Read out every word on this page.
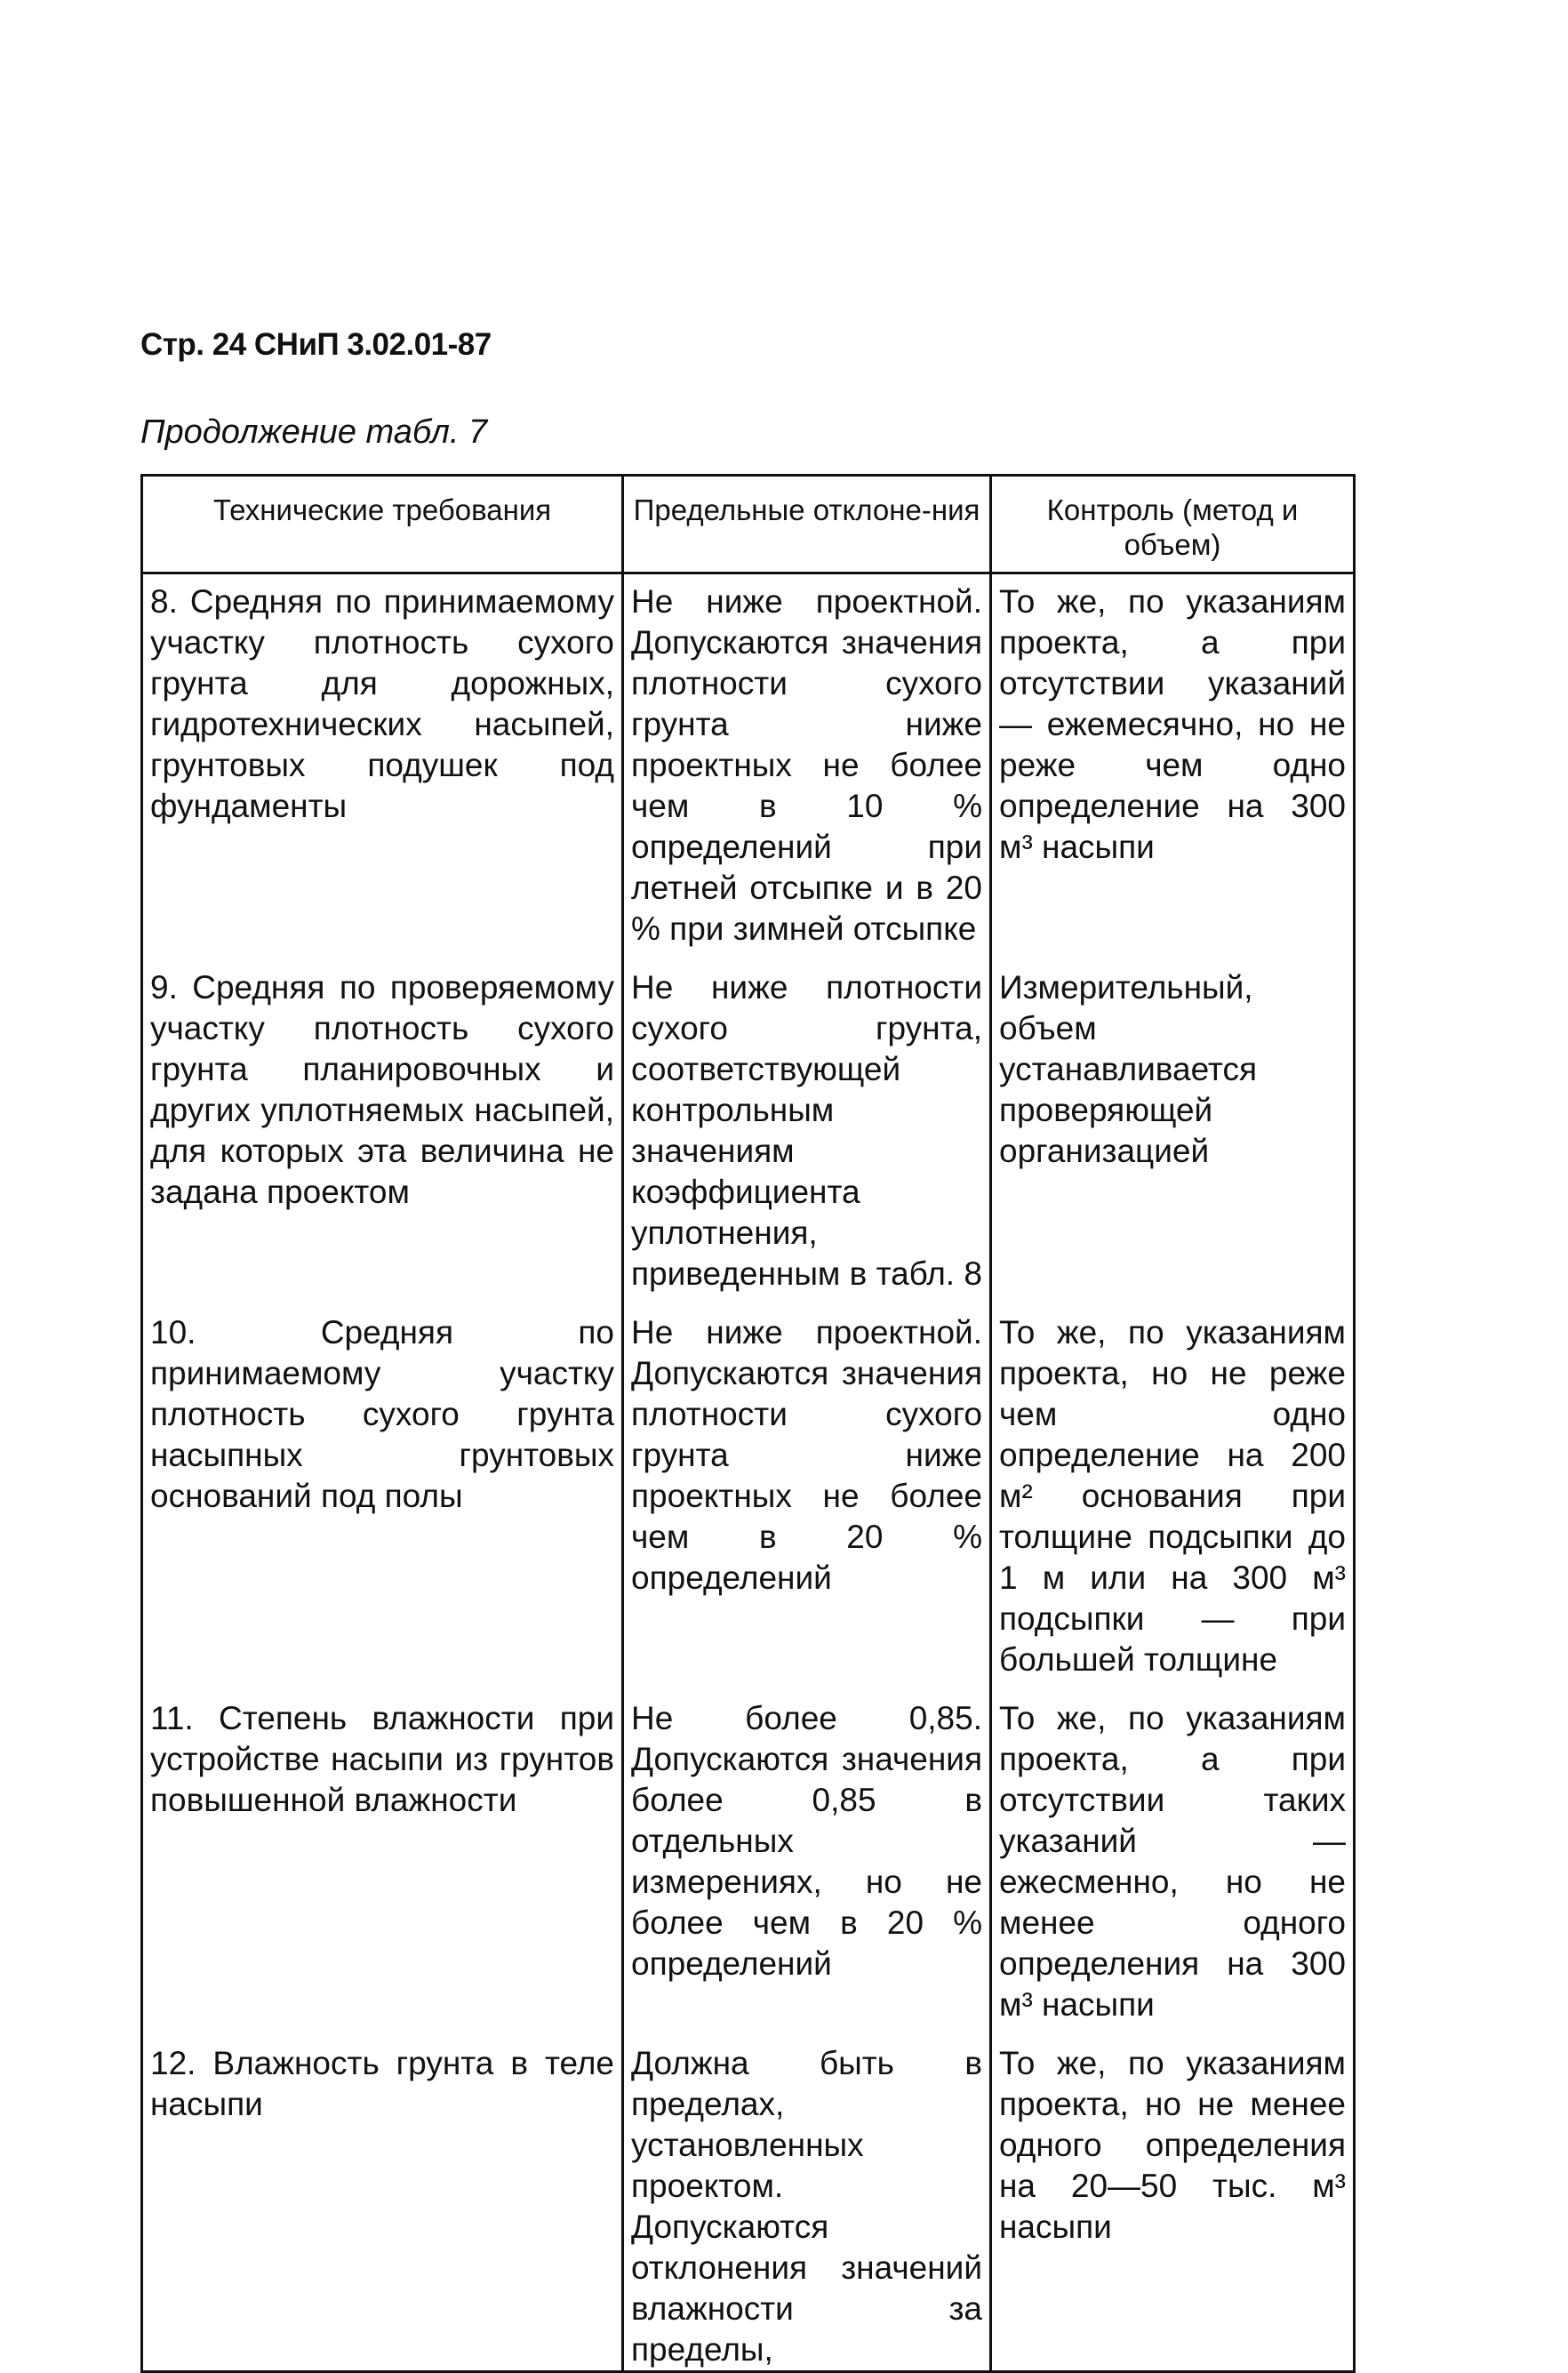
Стр. 24 СНиП 3.02.01-87
Продолжение табл. 7
Технические требования	Предельные отклоне-ния	Контроль (метод и объем)
8. Средняя по принимаемому участку плотность сухого грунта для дорожных, гидротехнических насыпей, грунтовых подушек под фундаменты	Не ниже проектной. Допускаются значения плотности сухого грунта ниже проектных не более чем в 10 % определений при летней отсыпке и в 20 % при зимней отсыпке	То же, по указаниям проекта, а при отсутствии указаний — ежемесячно, но не реже чем одно определение на 300 м³ насыпи
9. Средняя по проверяемому участку плотность сухого грунта планировочных и других уплотняемых насыпей, для которых эта величина не задана проектом	Не ниже плотности сухого грунта, соответствующей контрольным значениям коэффициента уплотнения, приведенным в табл. 8	Измерительный, объем устанавливается проверяющей организацией
10. Средняя по принимаемому участку плотность сухого грунта насыпных грунтовых оснований под полы	Не ниже проектной. Допускаются значения плотности сухого грунта ниже проектных не более чем в 20 % определений	То же, по указаниям проекта, но не реже чем одно определение на 200 м² основания при толщине подсыпки до 1 м или на 300 м³ подсыпки — при большей толщине
11. Степень влажности при устройстве насыпи из грунтов повышенной влажности	Не более 0,85. Допускаются значения более 0,85 в отдельных измерениях, но не более чем в 20 % определений	То же, по указаниям проекта, а при отсутствии таких указаний — ежесменно, но не менее одного определения на 300 м³ насыпи
12. Влажность грунта в теле насыпи	Должна быть в пределах, установленных проектом. Допускаются отклонения значений влажности за пределы,	То же, по указаниям проекта, но не менее одного определения на 20—50 тыс. м³ насыпи
